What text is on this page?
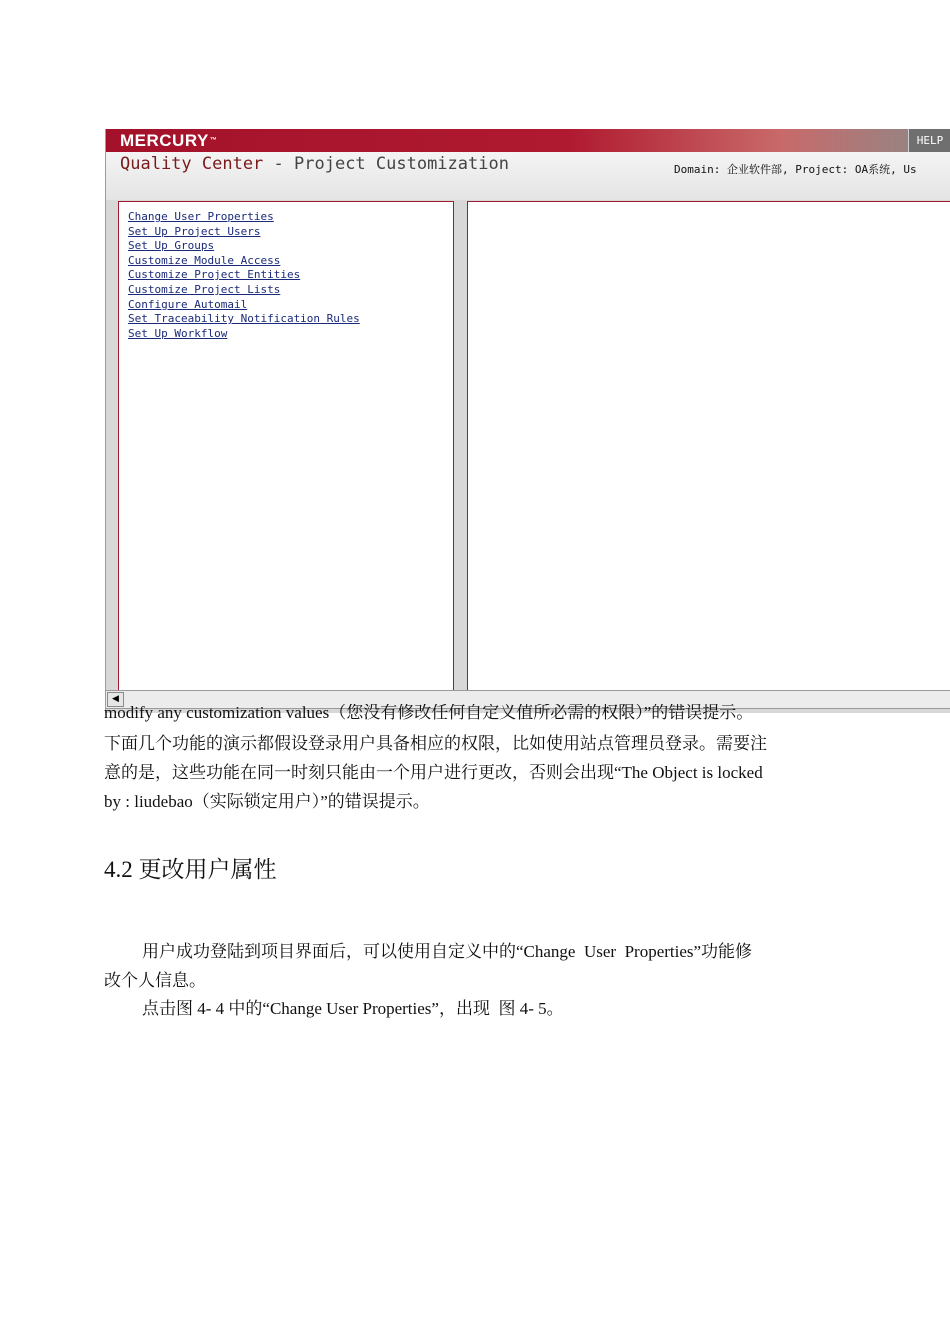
MERCURY™	HELP
Quality Center - Project Customization	Domain: 企业软件部, Project: OA系统, Us
Change User Properties
Set Up Project Users
Set Up Groups
Customize Module Access
Customize Project Entities
Customize Project Lists
Configure Automail
Set Traceability Notification Rules
Set Up Workflow
◀
modify any customization values（您没有修改任何自定义值所必需的权限）”的错误提示。
下面几个功能的演示都假设登录用户具备相应的权限，比如使用站点管理员登录。需要注
意的是，这些功能在同一时刻只能由一个用户进行更改，否则会出现“The Object is locked
by : liudebao（实际锁定用户）”的错误提示。
4.2 更改用户属性
用户成功登陆到项目界面后，可以使用自定义中的“Change  User  Properties”功能修
改个人信息。
点击图 4- 4 中的“Change User Properties”，出现  图 4- 5。
